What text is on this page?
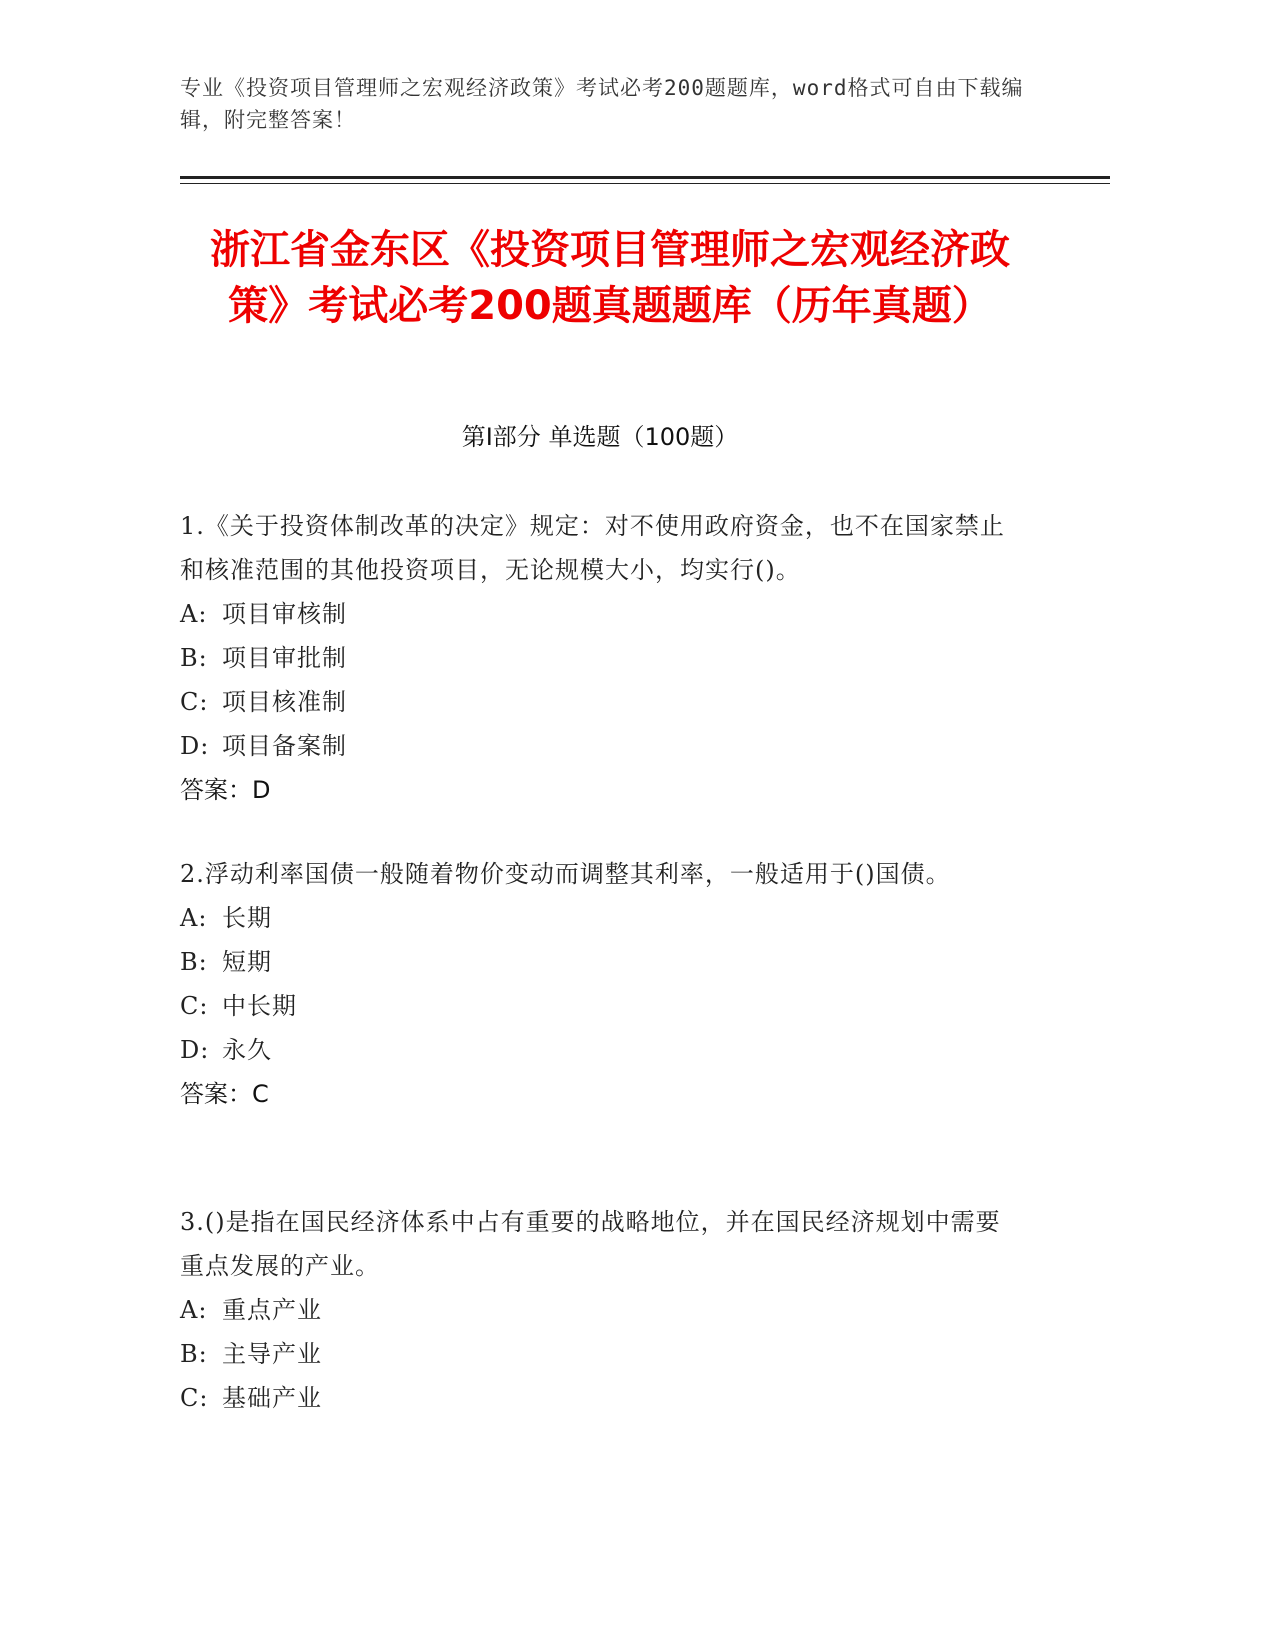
专业《投资项目管理师之宏观经济政策》考试必考200题题库，word格式可自由下载编辑，附完整答案！
浙江省金东区《投资项目管理师之宏观经济政策》考试必考200题真题题库（历年真题）
第I部分 单选题（100题）
1.《关于投资体制改革的决定》规定：对不使用政府资金，也不在国家禁止和核准范围的其他投资项目，无论规模大小，均实行()。
A: 项目审核制
B: 项目审批制
C: 项目核准制
D: 项目备案制
答案：D
2.浮动利率国债一般随着物价变动而调整其利率，一般适用于()国债。
A: 长期
B: 短期
C: 中长期
D: 永久
答案：C
3.()是指在国民经济体系中占有重要的战略地位，并在国民经济规划中需要重点发展的产业。
A: 重点产业
B: 主导产业
C: 基础产业
